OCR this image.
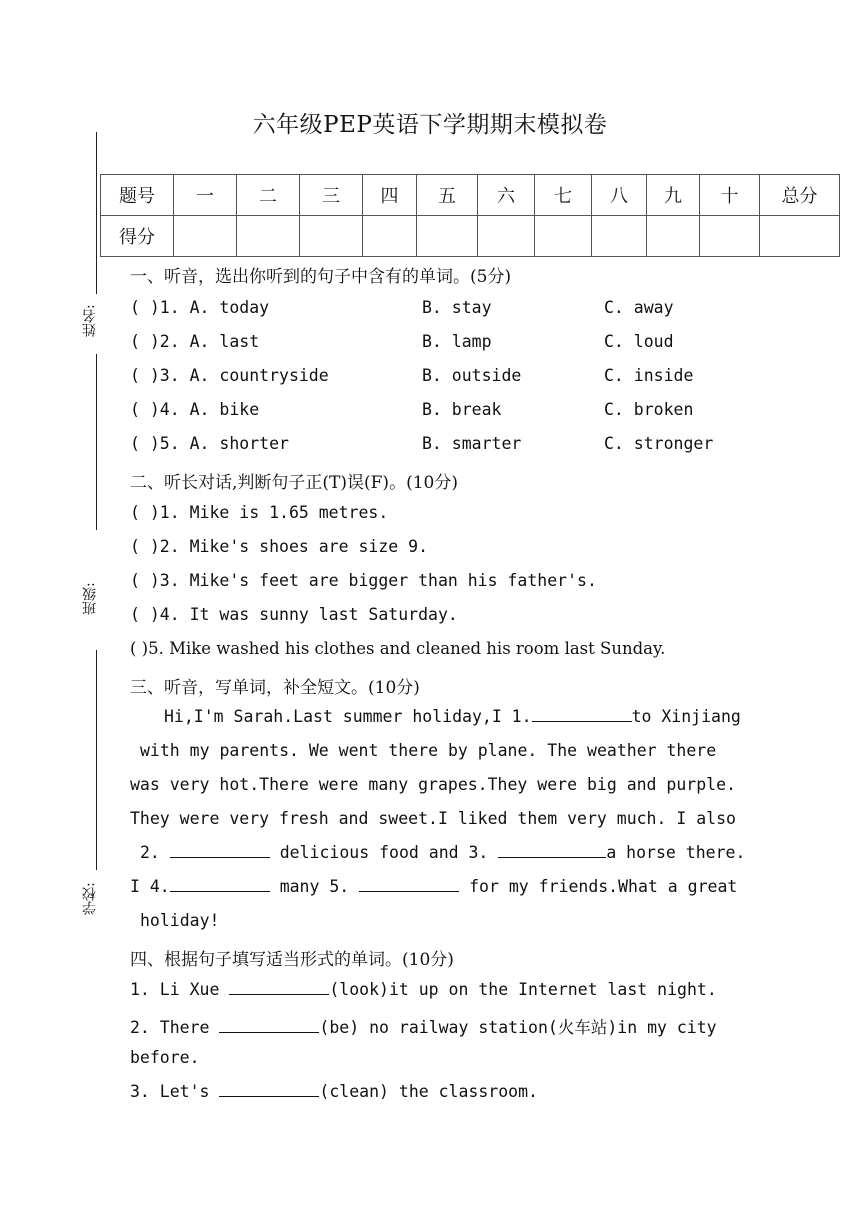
六年级PEP英语下学期期末模拟卷
姓名:
班级:
学校:
题号	一	二	三	四	五	六	七	八	九	十	总分
得分											
一、听音，选出你听到的句子中含有的单词。(5分)
( )1. A. today	B. stay	C. away
( )2. A. last	B. lamp	C. loud
( )3. A. countryside	B. outside	C. inside
( )4. A. bike	B. break	C. broken
( )5. A. shorter	B. smarter	C. stronger
二、听长对话,判断句子正(T)误(F)。(10分)
( )1. Mike is 1.65 metres.
( )2. Mike's shoes are size 9.
( )3. Mike's feet are bigger than his father's.
( )4. It was sunny last Saturday.
( )5. Mike washed his clothes and cleaned his room last Sunday.
三、听音，写单词，补全短文。(10分)
Hi,I'm Sarah.Last summer holiday,I 1.	to Xinjiang
with my parents. We went there by plane. The weather there
was very hot.There were many grapes.They were big and purple.
They were very fresh and sweet.I liked them very much. I also
2.	delicious food and 3.	a horse there.
I 4.	many 5.	for my friends.What a great
holiday!
四、根据句子填写适当形式的单词。(10分)
1. Li Xue	(look)it up on the Internet last night.
2. There	(be) no railway station(火车站)in my city
before.
3. Let's	(clean) the classroom.
